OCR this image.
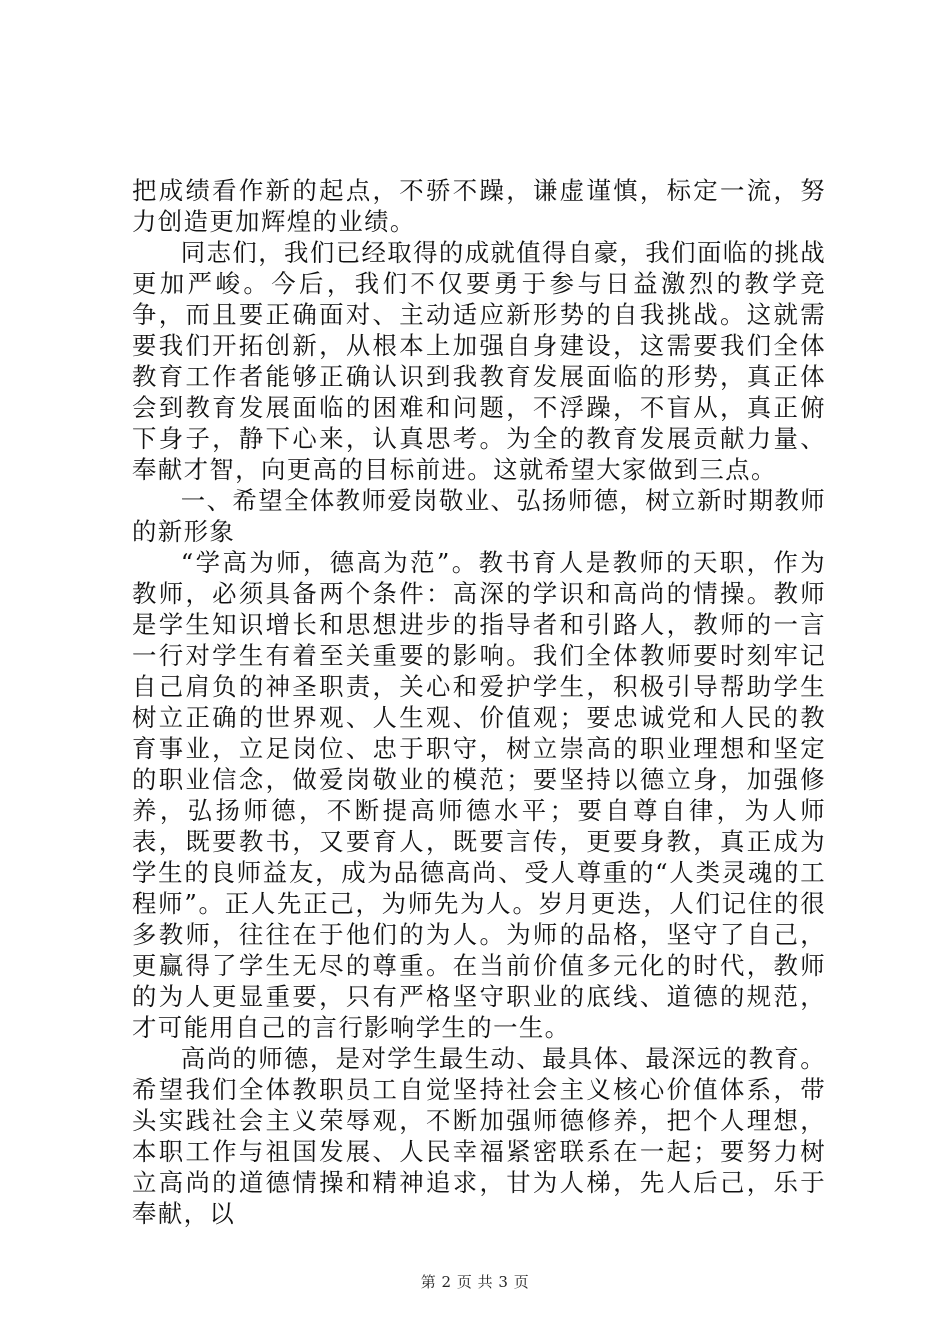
把成绩看作新的起点，不骄不躁，谦虚谨慎，标定一流，努力创造更加辉煌的业绩。

同志们，我们已经取得的成就值得自豪，我们面临的挑战更加严峻。今后，我们不仅要勇于参与日益激烈的教学竞争，而且要正确面对、主动适应新形势的自我挑战。这就需要我们开拓创新，从根本上加强自身建设，这需要我们全体教育工作者能够正确认识到我教育发展面临的形势，真正体会到教育发展面临的困难和问题，不浮躁，不盲从，真正俯下身子，静下心来，认真思考。为全的教育发展贡献力量、奉献才智，向更高的目标前进。这就希望大家做到三点。

一、希望全体教师爱岗敬业、弘扬师德，树立新时期教师的新形象

“学高为师，德高为范”。教书育人是教师的天职，作为教师，必须具备两个条件：高深的学识和高尚的情操。教师是学生知识增长和思想进步的指导者和引路人，教师的一言一行对学生有着至关重要的影响。我们全体教师要时刻牢记自己肩负的神圣职责，关心和爱护学生，积极引导帮助学生树立正确的世界观、人生观、价值观；要忠诚党和人民的教育事业，立足岗位、忠于职守，树立崇高的职业理想和坚定的职业信念，做爱岗敬业的模范；要坚持以德立身，加强修养，弘扬师德，不断提高师德水平；要自尊自律，为人师表，既要教书，又要育人，既要言传，更要身教，真正成为学生的良师益友，成为品德高尚、受人尊重的“人类灵魂的工程师”。正人先正己，为师先为人。岁月更迭，人们记住的很多教师，往往在于他们的为人。为师的品格，坚守了自己，更赢得了学生无尽的尊重。在当前价值多元化的时代，教师的为人更显重要，只有严格坚守职业的底线、道德的规范，才可能用自己的言行影响学生的一生。

高尚的师德，是对学生最生动、最具体、最深远的教育。希望我们全体教职员工自觉坚持社会主义核心价值体系，带头实践社会主义荣辱观，不断加强师德修养，把个人理想，本职工作与祖国发展、人民幸福紧密联系在一起；要努力树立高尚的道德情操和精神追求，甘为人梯，先人后己，乐于奉献，以

第 2 页 共 3 页
